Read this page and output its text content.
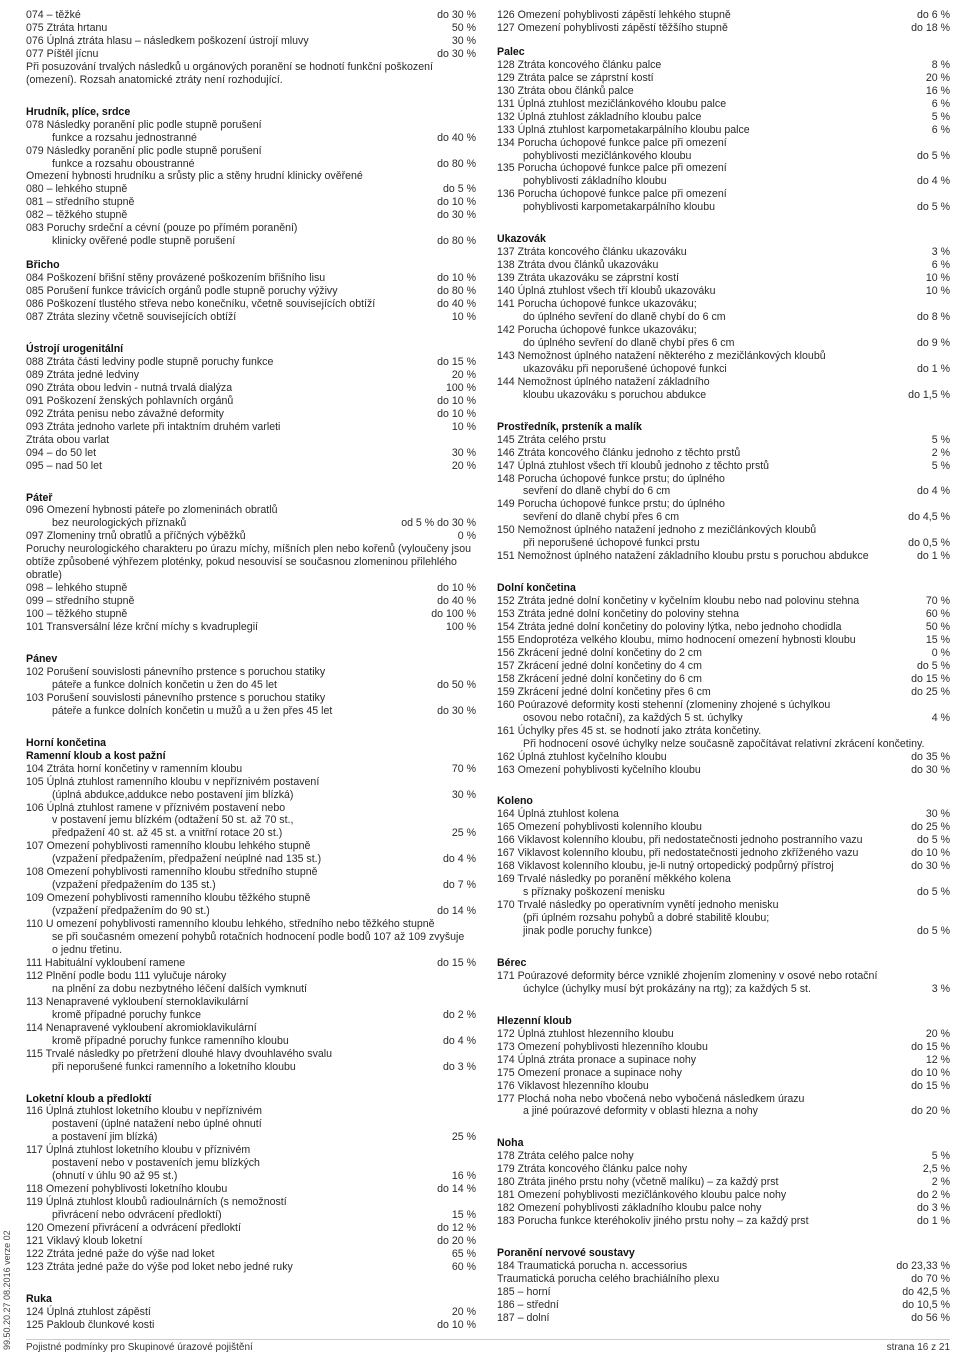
99.50.20.27 08.2016 verze 02
074 – těžké	do 30 %
075 Ztráta hrtanu	50 %
076 Úplná ztráta hlasu – následkem poškození ústrojí mluvy	30 %
077 Píštěl jícnu	do 30 %
Při posuzování trvalých následků u orgánových poranění se hodnotí funkční poškození (omezení). Rozsah anatomické ztráty není rozhodující.
Hrudník, plíce, srdce
078 Následky poranění plic podle stupně porušení
funkce a rozsahu jednostranné	do 40 %
079 Následky poranění plic podle stupně porušení
funkce a rozsahu oboustranné	do 80 %
Omezení hybnosti hrudníku a srůsty plic a stěny hrudní klinicky ověřené
080 – lehkého stupně	do 5 %
081 – středního stupně	do 10 %
082 – těžkého stupně	do 30 %
083 Poruchy srdeční a cévní (pouze po přímém poranění)
klinicky ověřené podle stupně porušení	do 80 %
Břicho
084 Poškození břišní stěny provázené poškozením břišního lisu	do 10 %
085 Porušení funkce trávicích orgánů podle stupně poruchy výživy	do 80 %
086 Poškození tlustého střeva nebo konečníku, včetně souvisejících obtíží	do 40 %
087 Ztráta sleziny včetně souvisejících obtíží	10 %
Ústrojí urogenitální
088 Ztráta části ledviny podle stupně poruchy funkce	do 15 %
089 Ztráta jedné ledviny	20 %
090 Ztráta obou ledvin - nutná trvalá dialýza	100 %
091 Poškození ženských pohlavních orgánů	do 10 %
092 Ztráta penisu nebo závažné deformity	do 10 %
093 Ztráta jednoho varlete při intaktním druhém varleti	10 %
Ztráta obou varlat
094 – do 50 let	30 %
095 – nad 50 let	20 %
Páteř
096 Omezení hybnosti páteře po zlomeninách obratlů
bez neurologických příznaků	od 5 % do 30 %
097 Zlomeniny trnů obratlů a příčných výběžků	0 %
Poruchy neurologického charakteru po úrazu míchy, míšních plen nebo kořenů (vyloučeny jsou obtíže způsobené výhřezem ploténky, pokud nesouvisí se současnou zlomeninou přilehlého obratle)
098 – lehkého stupně	do 10 %
099 – středního stupně	do 40 %
100 – těžkého stupně	do 100 %
101 Transversální léze krční míchy s kvadruplegií	100 %
Pánev
102 Porušení souvislosti pánevního prstence s poruchou statiky
páteře a funkce dolních končetin u žen do 45 let	do 50 %
103 Porušení souvislosti pánevního prstence s poruchou statiky
páteře a funkce dolních končetin u mužů a u žen přes 45 let	do 30 %
Horní končetina
Ramenní kloub a kost pažní
104 Ztráta horní končetiny v ramenním kloubu	70 %
105 Úplná ztuhlost ramenního kloubu v nepříznivém postavení
(úplná abdukce,addukce nebo postavení jim blízká)	30 %
106 Úplná ztuhlost ramene v příznivém postavení nebo
v postavení jemu blízkém (odtažení 50 st. až 70 st.,
předpažení 40 st. až 45 st. a vnitřní rotace 20 st.)	25 %
107 Omezení pohyblivosti ramenního kloubu lehkého stupně
(vzpažení předpažením, předpažení neúplné nad 135 st.)	do 4 %
108 Omezení pohyblivosti ramenního kloubu středního stupně
(vzpažení předpažením do 135 st.)	do 7 %
109 Omezení pohyblivosti ramenního kloubu těžkého stupně
(vzpažení předpažením do 90 st.)	do 14 %
110 U omezení pohyblivosti ramenního kloubu lehkého, středního nebo těžkého stupně
se při současném omezení pohybů rotačních hodnocení podle bodů 107 až 109 zvyšuje o jednu třetinu.
111 Habituální vykloubení ramene	do 15 %
112 Plnění podle bodu 111 vylučuje nároky
na plnění za dobu nezbytného léčení dalších vymknutí
113 Nenapravené vykloubení sternoklavikulární
kromě případné poruchy funkce	do 2 %
114 Nenapravené vykloubení akromioklavikulární
kromě případné poruchy funkce ramenního kloubu	do 4 %
115 Trvalé následky po přetržení dlouhé hlavy dvouhlavého svalu
při neporušené funkci ramenního a loketního kloubu	do 3 %
Loketní kloub a předloktí
116 Úplná ztuhlost loketního kloubu v nepříznivém
postavení (úplné natažení nebo úplné ohnutí
a postavení jim blízká)	25 %
117 Úplná ztuhlost loketního kloubu v příznivém
postavení nebo v postaveních jemu blízkých
(ohnutí v úhlu 90 až 95 st.)	16 %
118 Omezení pohyblivosti loketního kloubu	do 14 %
119 Úplná ztuhlost kloubů radioulnárních (s nemožností
přivrácení nebo odvrácení předloktí)	15 %
120 Omezení přivrácení a odvrácení předloktí	do 12 %
121 Viklavý kloub loketní	do 20 %
122 Ztráta jedné paže do výše nad loket	65 %
123 Ztráta jedné paže do výše pod loket nebo jedné ruky	60 %
Ruka
124 Úplná ztuhlost zápěstí	20 %
125 Pakloub člunkové kosti	do 10 %
126 Omezení pohyblivosti zápěstí lehkého stupně	do 6 %
127 Omezení pohyblivosti zápěstí těžšího stupně	do 18 %
Palec
128 Ztráta koncového článku palce	8 %
129 Ztráta palce se záprstní kostí	20 %
130 Ztráta obou článků palce	16 %
131 Úplná ztuhlost mezičlánkového kloubu palce	6 %
132 Úplná ztuhlost základního kloubu palce	5 %
133 Úplná ztuhlost karpometakarpálního kloubu palce	6 %
134 Porucha úchopové funkce palce při omezení
pohyblivosti mezičlánkového kloubu	do 5 %
135 Porucha úchopové funkce palce při omezení
pohyblivosti základního kloubu	do 4 %
136 Porucha úchopové funkce palce při omezení
pohyblivosti karpometakarpálního kloubu	do 5 %
Ukazovák
137 Ztráta koncového článku ukazováku	3 %
138 Ztráta dvou článků ukazováku	6 %
139 Ztráta ukazováku se záprstní kostí	10 %
140 Úplná ztuhlost všech tří kloubů ukazováku	10 %
141 Porucha úchopové funkce ukazováku;
do úplného sevření do dlaně chybí do 6 cm	do 8 %
142 Porucha úchopové funkce ukazováku;
do úplného sevření do dlaně chybí přes 6 cm	do 9 %
143 Nemožnost úplného natažení některého z mezičlánkových kloubů
ukazováku při neporušené úchopové funkci	do 1 %
144 Nemožnost úplného natažení základního
kloubu ukazováku s poruchou abdukce	do 1,5 %
Prostředník, prsteník a malík
145 Ztráta celého prstu	5 %
146 Ztráta koncového článku jednoho z těchto prstů	2 %
147 Úplná ztuhlost všech tří kloubů jednoho z těchto prstů	5 %
148 Porucha úchopové funkce prstu; do úplného
sevření do dlaně chybí do 6 cm	do 4 %
149 Porucha úchopové funkce prstu; do úplného
sevření do dlaně chybí přes 6 cm	do 4,5 %
150 Nemožnost úplného natažení jednoho z mezičlánkových kloubů
při neporušené úchopové funkci prstu	do 0,5 %
151 Nemožnost úplného natažení základního kloubu prstu s poruchou abdukce	do 1 %
Dolní končetina
152 Ztráta jedné dolní končetiny v kyčelním kloubu nebo nad polovinu stehna	70 %
153 Ztráta jedné dolní končetiny do poloviny stehna	60 %
154 Ztráta jedné dolní končetiny do poloviny lýtka, nebo jednoho chodidla	50 %
155 Endoprotéza velkého kloubu, mimo hodnocení omezení hybnosti kloubu	15 %
156 Zkrácení jedné dolní končetiny do 2 cm	0 %
157 Zkrácení jedné dolní končetiny do 4 cm	do 5 %
158 Zkrácení jedné dolní končetiny do 6 cm	do 15 %
159 Zkrácení jedné dolní končetiny přes 6 cm	do 25 %
160 Poúrazové deformity kosti stehenní (zlomeniny zhojené s úchylkou
osovou nebo rotační), za každých 5 st. úchylky	4 %
161 Úchylky přes 45 st. se hodnotí jako ztráta končetiny.
Při hodnocení osové úchylky nelze současně započítávat relativní zkrácení končetiny.
162 Úplná ztuhlost kyčelního kloubu	do 35 %
163 Omezení pohyblivosti kyčelního kloubu	do 30 %
Koleno
164 Úplná ztuhlost kolena	30 %
165 Omezení pohyblivosti kolenního kloubu	do 25 %
166 Viklavost kolenního kloubu, při nedostatečnosti jednoho postranního vazu	do 5 %
167 Viklavost kolenního kloubu, při nedostatečnosti jednoho zkříženého vazu	do 10 %
168 Viklavost kolenního kloubu, je-li nutný ortopedický podpůrný přístroj	do 30 %
169 Trvalé následky po poranění měkkého kolena
s příznaky poškození menisku	do 5 %
170 Trvalé následky po operativním vynětí jednoho menisku
(při úplném rozsahu pohybů a dobré stabilitě kloubu;
jinak podle poruchy funkce)	do 5 %
Bérec
171 Poúrazové deformity bérce vzniklé zhojením zlomeniny v osové nebo rotační
úchylce (úchylky musí být prokázány na rtg); za každých 5 st.	3 %
Hlezenní kloub
172 Úplná ztuhlost hlezenního kloubu	20 %
173 Omezení pohyblivosti hlezenního kloubu	do 15 %
174 Úplná ztráta pronace a supinace nohy	12 %
175 Omezení pronace a supinace nohy	do 10 %
176 Viklavost hlezenního kloubu	do 15 %
177 Plochá noha nebo vbočená nebo vybočená následkem úrazu
a jiné poúrazové deformity v oblasti hlezna a nohy	do 20 %
Noha
178 Ztráta celého palce nohy	5 %
179 Ztráta koncového článku palce nohy	2,5 %
180 Ztráta jiného prstu nohy (včetně malíku) – za každý prst	2 %
181 Omezení pohyblivosti mezičlánkového kloubu palce nohy	do 2 %
182 Omezení pohyblivosti základního kloubu palce nohy	do 3 %
183 Porucha funkce kteréhokoliv jiného prstu nohy – za každý prst	do 1 %
Poranění nervové soustavy
184 Traumatická porucha n. accessorius	do 23,33 %
Traumatická porucha celého brachiálního plexu	do 70 %
185 – horní	do 42,5 %
186 – střední	do 10,5 %
187 – dolní	do 56 %
Pojistné podmínky pro Skupinové úrazové pojištění	strana 16 z 21
